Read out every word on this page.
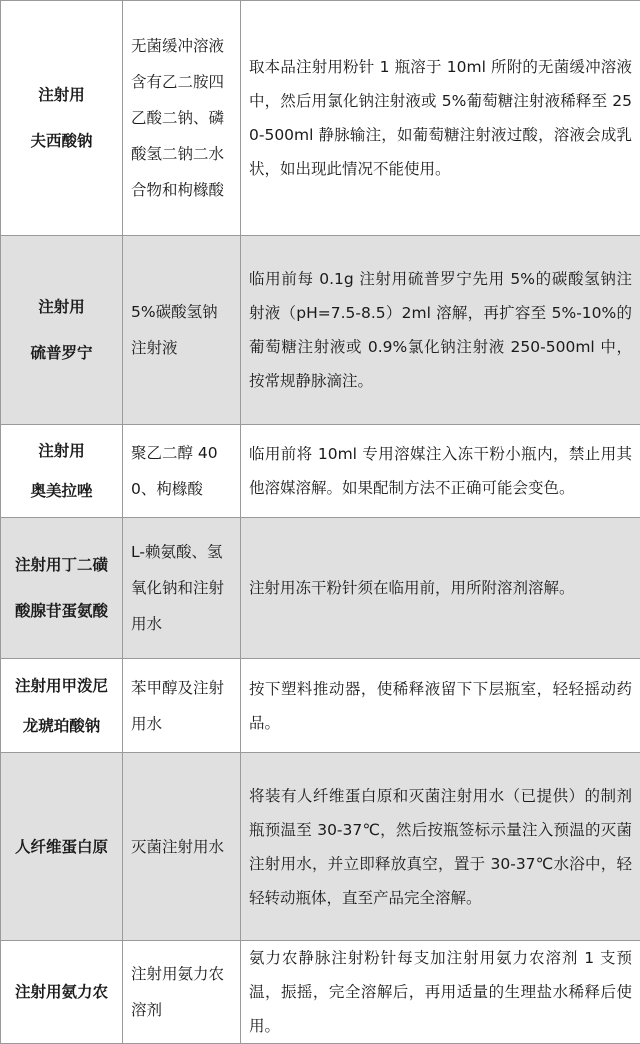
注射用
夫西酸钠	无菌缓冲溶液含有乙二胺四乙酸二钠、磷酸氢二钠二水合物和枸橼酸	取本品注射用粉针 1 瓶溶于 10ml 所附的无菌缓冲溶液中，然后用氯化钠注射液或 5%葡萄糖注射液稀释至 250-500ml 静脉输注，如葡萄糖注射液过酸，溶液会成乳状，如出现此情况不能使用。

注射用
硫普罗宁	5%碳酸氢钠注射液	临用前每 0.1g 注射用硫普罗宁先用 5%的碳酸氢钠注射液（pH=7.5-8.5）2ml 溶解，再扩容至 5%-10%的葡萄糖注射液或 0.9%氯化钠注射液 250-500ml 中，按常规静脉滴注。

注射用
奥美拉唑	聚乙二醇 400、枸橼酸	临用前将 10ml 专用溶媒注入冻干粉小瓶内，禁止用其他溶媒溶解。如果配制方法不正确可能会变色。

注射用丁二磺
酸腺苷蛋氨酸	L-赖氨酸、氢氧化钠和注射用水	注射用冻干粉针须在临用前，用所附溶剂溶解。

注射用甲泼尼
龙琥珀酸钠	苯甲醇及注射用水	按下塑料推动器，使稀释液留下下层瓶室，轻轻摇动药品。

人纤维蛋白原	灭菌注射用水	将装有人纤维蛋白原和灭菌注射用水（已提供）的制剂瓶预温至 30-37℃，然后按瓶签标示量注入预温的灭菌注射用水，并立即释放真空，置于 30-37℃水浴中，轻轻转动瓶体，直至产品完全溶解。

注射用氨力农	注射用氨力农溶剂	氨力农静脉注射粉针每支加注射用氨力农溶剂 1 支预温，振摇，完全溶解后，再用适量的生理盐水稀释后使用。
